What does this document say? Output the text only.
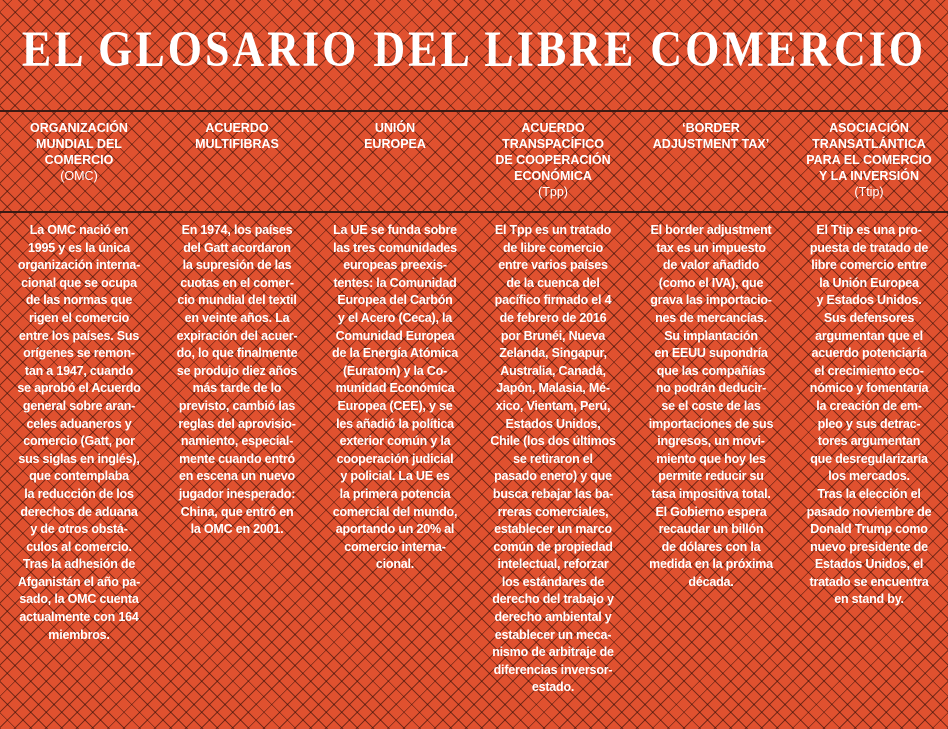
EL GLOSARIO DEL LIBRE COMERCIO
ORGANIZACIÓN
MUNDIAL DEL
COMERCIO
(OMC)
ACUERDO
MULTIFIBRAS
UNIÓN
EUROPEA
ACUERDO
TRANSPACÍFICO
DE COOPERACIÓN
ECONÓMICA
(Tpp)
‘BORDER
ADJUSTMENT TAX’
ASOCIACIÓN
TRANSATLÁNTICA
PARA EL COMERCIO
Y LA INVERSIÓN
(Ttip)
La OMC nació en
1995 y es la única
organización interna-
cional que se ocupa
de las normas que
rigen el comercio
entre los países. Sus
orígenes se remon-
tan a 1947, cuando
se aprobó el Acuerdo
general sobre aran-
celes aduaneros y
comercio (Gatt, por
sus siglas en inglés),
que contemplaba
la reducción de los
derechos de aduana
y de otros obstá-
culos al comercio.
Tras la adhesión de
Afganistán el año pa-
sado, la OMC cuenta
actualmente con 164
miembros.
En 1974, los países
del Gatt acordaron
la supresión de las
cuotas en el comer-
cio mundial del textil
en veinte años. La
expiración del acuer-
do, lo que finalmente
se produjo diez años
más tarde de lo
previsto, cambió las
reglas del aprovisio-
namiento, especial-
mente cuando entró
en escena un nuevo
jugador inesperado:
China, que entró en
la OMC en 2001.
La UE se funda sobre
las tres comunidades
europeas preexis-
tentes: la Comunidad
Europea del Carbón
y el Acero (Ceca), la
Comunidad Europea
de la Energía Atómica
(Euratom) y la Co-
munidad Económica
Europea (CEE), y se
les añadió la política
exterior común y la
cooperación judicial
y policial. La UE es
la primera potencia
comercial del mundo,
aportando un 20% al
comercio interna-
cional.
El Tpp es un tratado
de libre comercio
entre varios países
de la cuenca del
pacífico firmado el 4
de febrero de 2016
por Brunéi, Nueva
Zelanda, Singapur,
Australia, Canadá,
Japón, Malasia, Mé-
xico, Vientam, Perú,
Estados Unidos,
Chile (los dos últimos
se retiraron el
pasado enero) y que
busca rebajar las ba-
rreras comerciales,
establecer un marco
común de propiedad
intelectual, reforzar
los estándares de
derecho del trabajo y
derecho ambiental y
establecer un meca-
nismo de arbitraje de
diferencias inversor-
estado.
El border adjustment
tax es un impuesto
de valor añadido
(como el IVA), que
grava las importacio-
nes de mercancías.
Su implantación
en EEUU supondría
que las compañías
no podrán deducir-
se el coste de las
importaciones de sus
ingresos, un movi-
miento que hoy les
permite reducir su
tasa impositiva total.
El Gobierno espera
recaudar un billón
de dólares con la
medida en la próxima
década.
El Ttip es una pro-
puesta de tratado de
libre comercio entre
la Unión Europea
y Estados Unidos.
Sus defensores
argumentan que el
acuerdo potenciaría
el crecimiento eco-
nómico y fomentaría
la creación de em-
pleo y sus detrac-
tores argumentan
que desregularizaría
los mercados.
Tras la elección el
pasado noviembre de
Donald Trump como
nuevo presidente de
Estados Unidos, el
tratado se encuentra
en stand by.
